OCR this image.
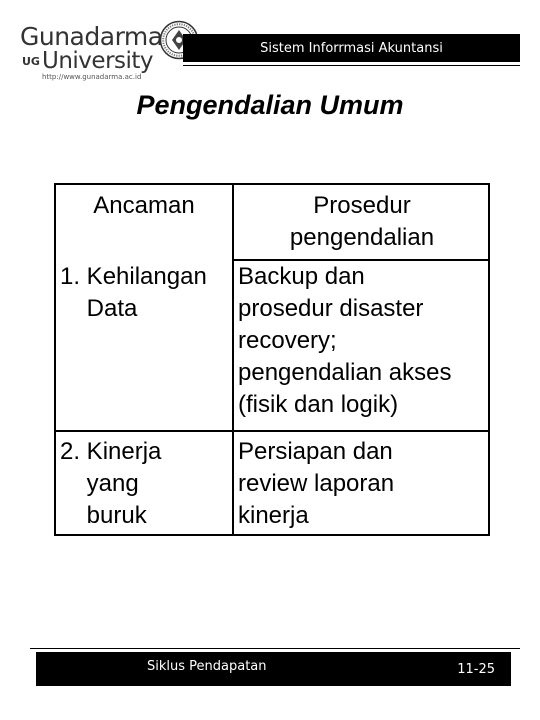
Gunadarma
UG University
http://www.gunadarma.ac.id
Sistem Inforrmasi Akuntansi
Pengendalian Umum
Ancaman	Prosedur
pengendalian
1. Kehilangan
Data
Backup dan
prosedur disaster
recovery;
pengendalian akses
(fisik dan logik)
2. Kinerja
yang
buruk
Persiapan dan
review laporan
kinerja
Siklus Pendapatan	11-25
